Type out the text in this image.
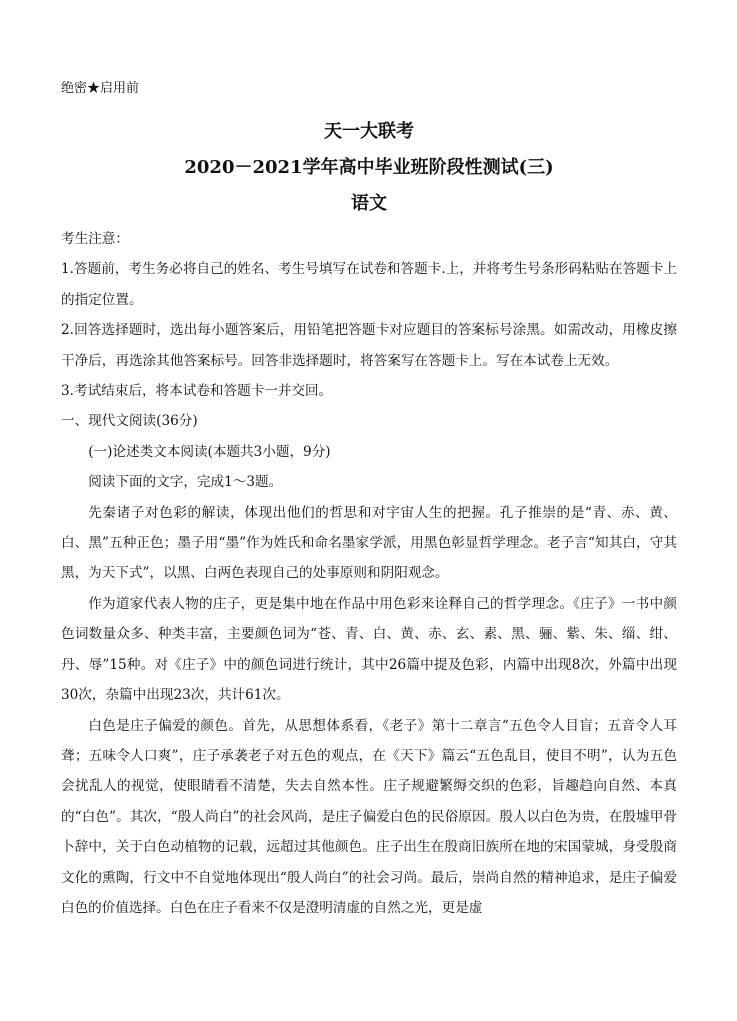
绝密★启用前
天一大联考
2020－2021学年高中毕业班阶段性测试(三)
语文
考生注意：
1.答题前，考生务必将自己的姓名、考生号填写在试卷和答题卡.上，并将考生号条形码粘贴在答题卡上的指定位置。
2.回答选择题时，选出每小题答案后，用铅笔把答题卡对应题目的答案标号涂黑。如需改动，用橡皮擦干净后，再选涂其他答案标号。回答非选择题时，将答案写在答题卡上。写在本试卷上无效。
3.考试结束后，将本试卷和答题卡一并交回。
一、现代文阅读(36分)
(一)论述类文本阅读(本题共3小题，9分)
阅读下面的文字，完成1～3题。
先秦诸子对色彩的解读，体现出他们的哲思和对宇宙人生的把握。孔子推崇的是“青、赤、黄、白、黑”五种正色；墨子用“墨”作为姓氏和命名墨家学派，用黑色彰显哲学理念。老子言“知其白，守其黑，为天下式”，以黑、白两色表现自己的处事原则和阴阳观念。
作为道家代表人物的庄子，更是集中地在作品中用色彩来诠释自己的哲学理念。《庄子》一书中颜色词数量众多、种类丰富，主要颜色词为“苍、青、白、黄、赤、玄、素、黑、骊、紫、朱、缁、绀、丹、辱”15种。对《庄子》中的颜色词进行统计，其中26篇中提及色彩，内篇中出现8次，外篇中出现30次，杂篇中出现23次，共计61次。
白色是庄子偏爱的颜色。首先，从思想体系看，《老子》第十二章言“五色令人目盲；五音令人耳聋；五味令人口爽”，庄子承袭老子对五色的观点，在《天下》篇云“五色乱目，使目不明”，认为五色会扰乱人的视觉，使眼睛看不清楚，失去自然本性。庄子规避繁缛交织的色彩，旨趣趋向自然、本真的“白色”。其次，“殷人尚白”的社会风尚，是庄子偏爱白色的民俗原因。殷人以白色为贵，在殷墟甲骨卜辞中，关于白色动植物的记载，远超过其他颜色。庄子出生在殷商旧族所在地的宋国蒙城，身受殷商文化的熏陶，行文中不自觉地体现出“殷人尚白”的社会习尚。最后，崇尚自然的精神追求，是庄子偏爱白色的价值选择。白色在庄子看来不仅是澄明清虚的自然之光，更是虚
